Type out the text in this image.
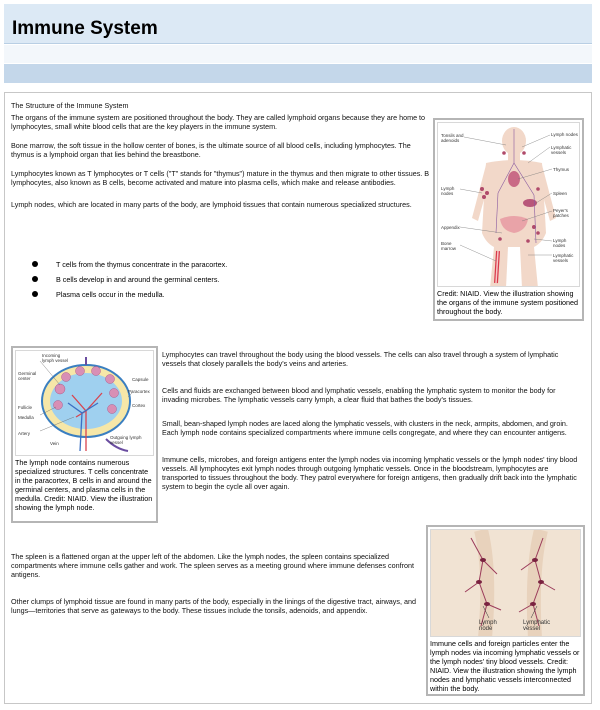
Immune System

The Structure of the Immune System

The organs of the immune system are positioned throughout the body. They are called lymphoid organs because they are home to lymphocytes, small white blood cells that are the key players in the immune system.

Bone marrow, the soft tissue in the hollow center of bones, is the ultimate source of all blood cells, including lymphocytes. The thymus is a lymphoid organ that lies behind the breastbone.

Lymphocytes known as T lymphocytes or T cells ("T" stands for "thymus") mature in the thymus and then migrate to other tissues. B lymphocytes, also known as B cells, become activated and mature into plasma cells, which make and release antibodies.

Lymph nodes, which are located in many parts of the body, are lymphoid tissues that contain numerous specialized structures.

T cells from the thymus concentrate in the paracortex.
B cells develop in and around the germinal centers.
Plasma cells occur in the medulla.
Tonsils and adenoids
Lymph nodes
Lymphatic vessels
Thymus
Lymph nodes	Spleen
Peyer's patches
Appendix
Bone marrow
Lymph nodes
Lymphatic vessels
Credit: NIAID. View the illustration showing the organs of the immune system positioned throughout the body.
Incoming lymph vessel
Germinal center	Capsule
Paracortex
Cortex
Follicle
Medulla
Artery
Vein
Outgoing lymph vessel
The lymph node contains numerous specialized structures. T cells concentrate in the paracortex, B cells in and around the germinal centers, and plasma cells in the medulla. Credit: NIAID. View the illustration showing the lymph node.

Lymphocytes can travel throughout the body using the blood vessels. The cells can also travel through a system of lymphatic vessels that closely parallels the body's veins and arteries.

Cells and fluids are exchanged between blood and lymphatic vessels, enabling the lymphatic system to monitor the body for invading microbes. The lymphatic vessels carry lymph, a clear fluid that bathes the body's tissues.

Small, bean-shaped lymph nodes are laced along the lymphatic vessels, with clusters in the neck, armpits, abdomen, and groin. Each lymph node contains specialized compartments where immune cells congregate, and where they can encounter antigens.

Immune cells, microbes, and foreign antigens enter the lymph nodes via incoming lymphatic vessels or the lymph nodes' tiny blood vessels. All lymphocytes exit lymph nodes through outgoing lymphatic vessels. Once in the bloodstream, lymphocytes are transported to tissues throughout the body. They patrol everywhere for foreign antigens, then gradually drift back into the lymphatic system to begin the cycle all over again.

The spleen is a flattened organ at the upper left of the abdomen. Like the lymph nodes, the spleen contains specialized compartments where immune cells gather and work. The spleen serves as a meeting ground where immune defenses confront antigens.

Other clumps of lymphoid tissue are found in many parts of the body, especially in the linings of the digestive tract, airways, and lungs—territories that serve as gateways to the body. These tissues include the tonsils, adenoids, and appendix.

Lymph node
Lymphatic vessel
Immune cells and foreign particles enter the lymph nodes via incoming lymphatic vessels or the lymph nodes' tiny blood vessels. Credit: NIAID. View the illustration showing the lymph nodes and lymphatic vessels interconnected within the body.
